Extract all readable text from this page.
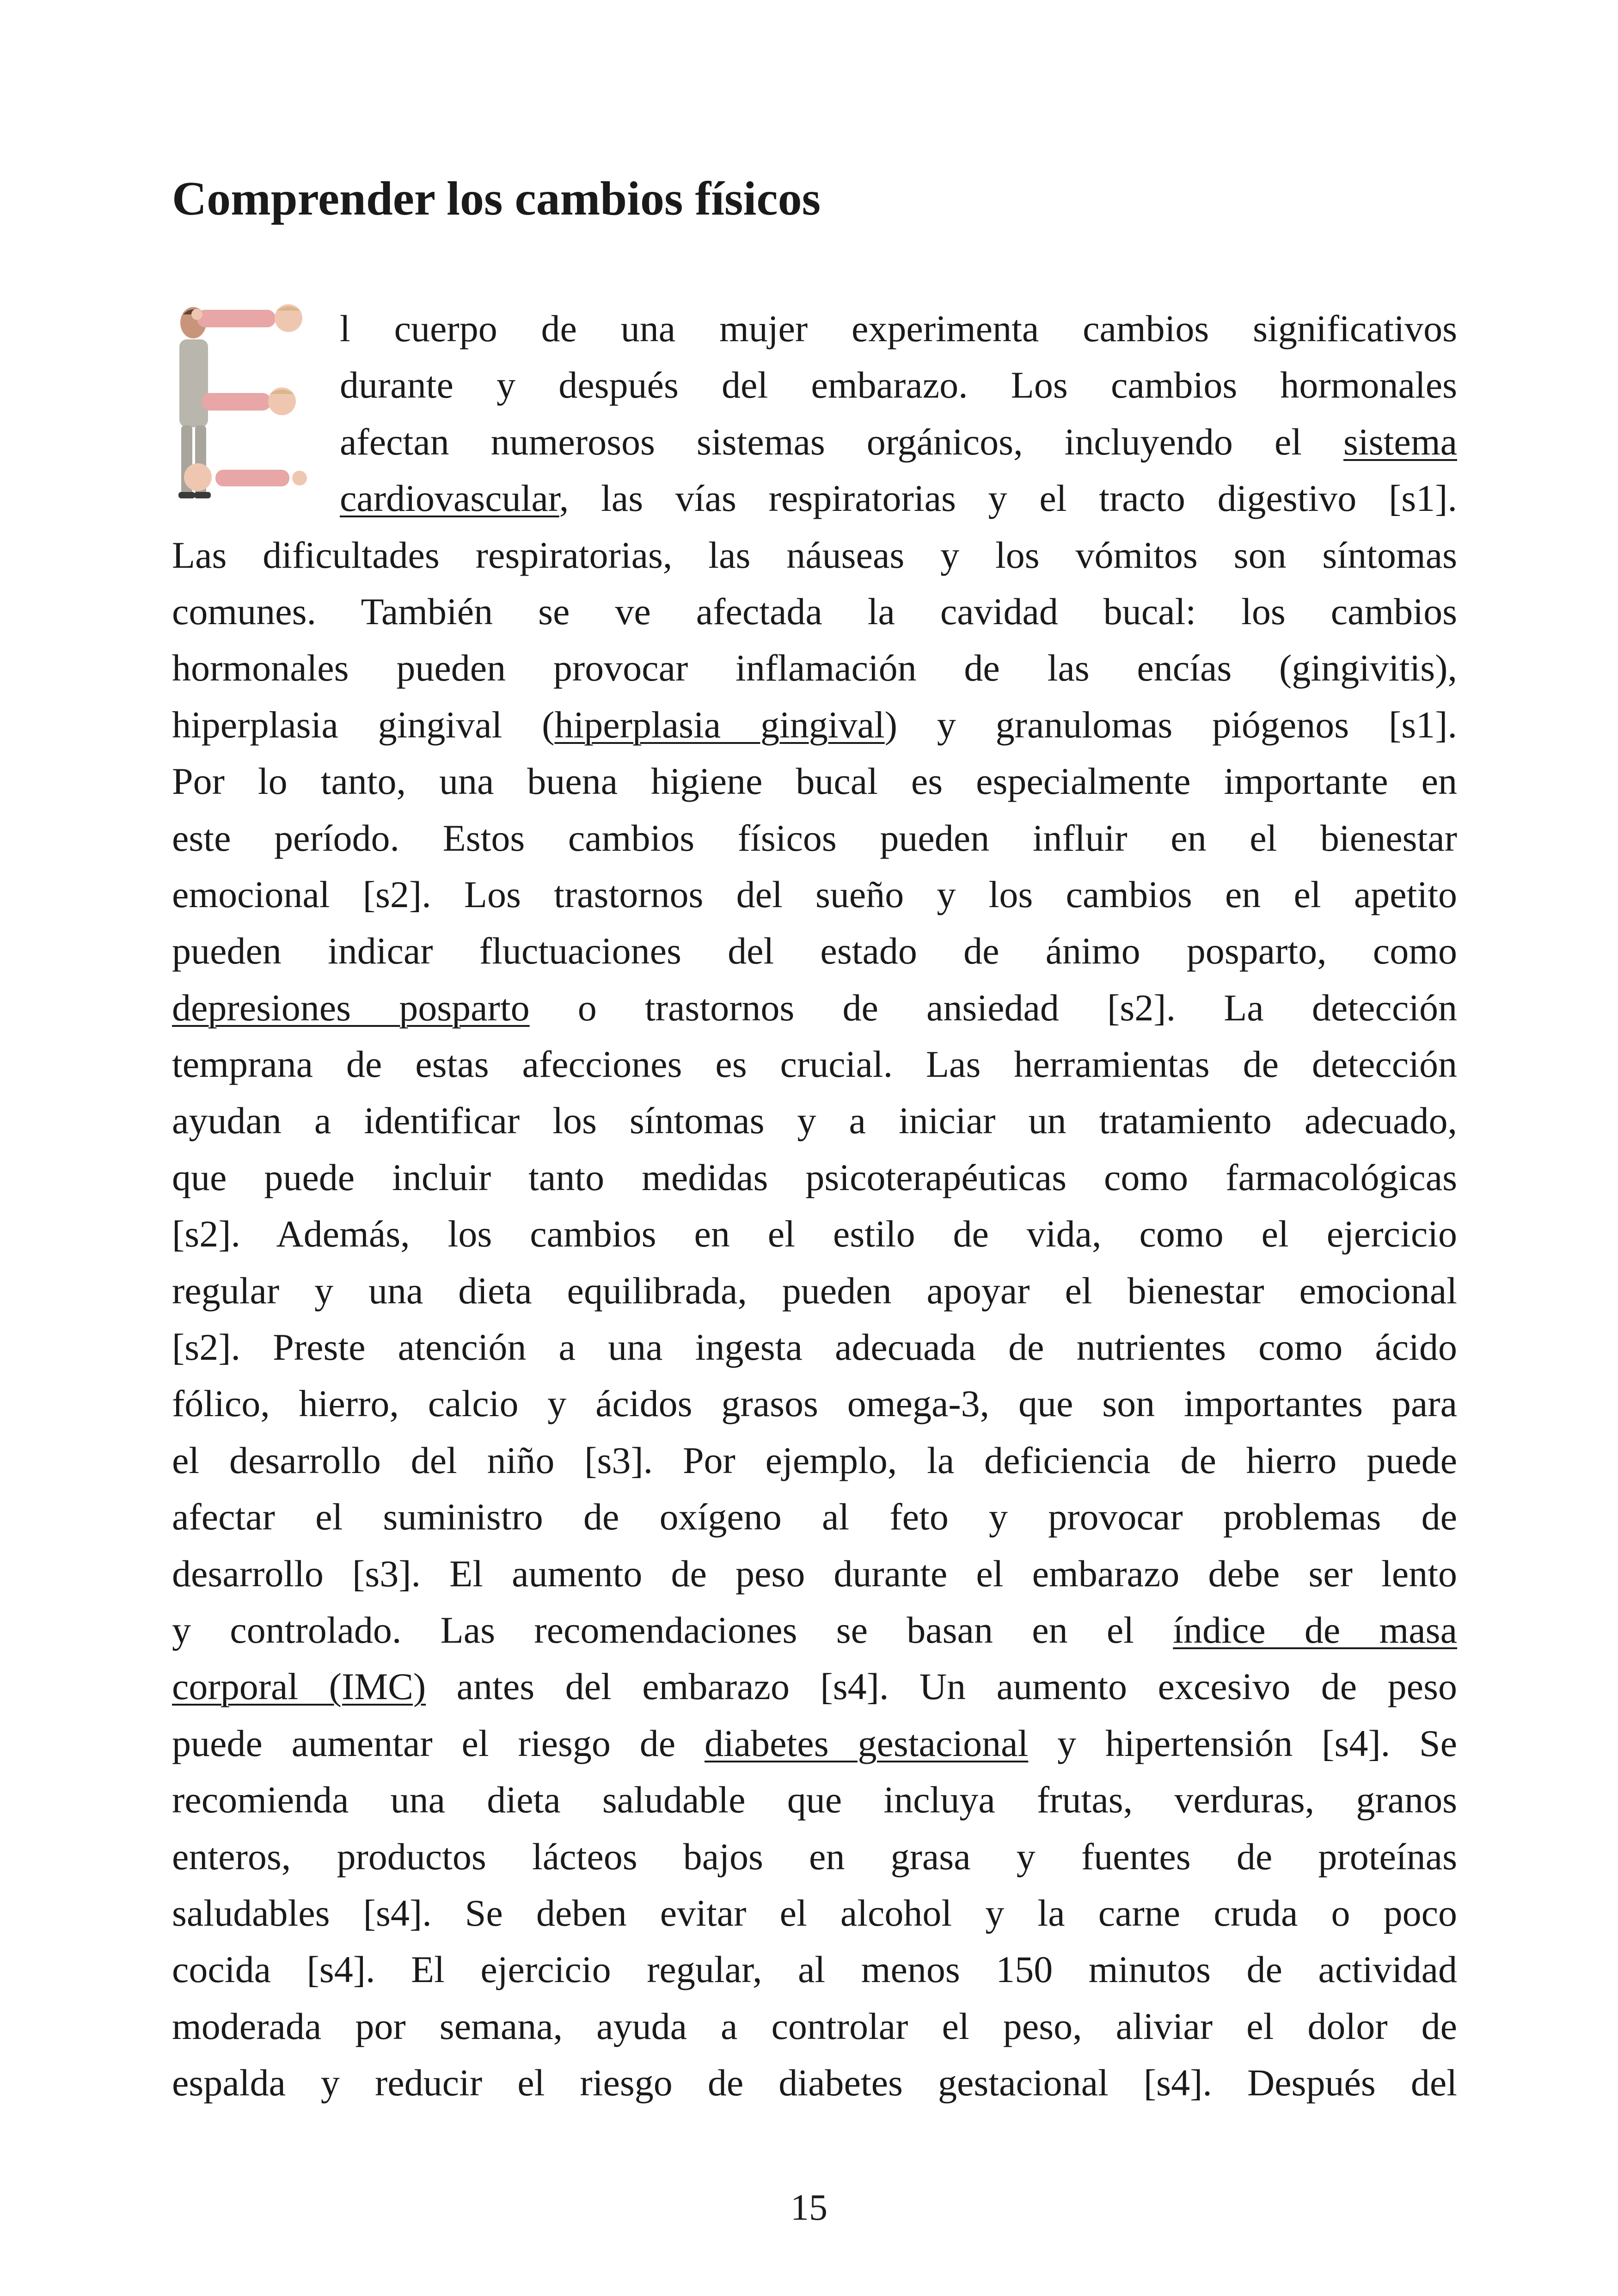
Comprender los cambios físicos
l cuerpo de una mujer experimenta cambios significativos
durante y después del embarazo. Los cambios hormonales
afectan numerosos sistemas orgánicos, incluyendo el sistema
cardiovascular, las vías respiratorias y el tracto digestivo [s1].
Las dificultades respiratorias, las náuseas y los vómitos son síntomas
comunes. También se ve afectada la cavidad bucal: los cambios
hormonales pueden provocar inflamación de las encías (gingivitis),
hiperplasia gingival (hiperplasia gingival) y granulomas piógenos [s1].
Por lo tanto, una buena higiene bucal es especialmente importante en
este período. Estos cambios físicos pueden influir en el bienestar
emocional [s2]. Los trastornos del sueño y los cambios en el apetito
pueden indicar fluctuaciones del estado de ánimo posparto, como
depresiones posparto o trastornos de ansiedad [s2]. La detección
temprana de estas afecciones es crucial. Las herramientas de detección
ayudan a identificar los síntomas y a iniciar un tratamiento adecuado,
que puede incluir tanto medidas psicoterapéuticas como farmacológicas
[s2]. Además, los cambios en el estilo de vida, como el ejercicio
regular y una dieta equilibrada, pueden apoyar el bienestar emocional
[s2]. Preste atención a una ingesta adecuada de nutrientes como ácido
fólico, hierro, calcio y ácidos grasos omega-3, que son importantes para
el desarrollo del niño [s3]. Por ejemplo, la deficiencia de hierro puede
afectar el suministro de oxígeno al feto y provocar problemas de
desarrollo [s3]. El aumento de peso durante el embarazo debe ser lento
y controlado. Las recomendaciones se basan en el índice de masa
corporal (IMC) antes del embarazo [s4]. Un aumento excesivo de peso
puede aumentar el riesgo de diabetes gestacional y hipertensión [s4]. Se
recomienda una dieta saludable que incluya frutas, verduras, granos
enteros, productos lácteos bajos en grasa y fuentes de proteínas
saludables [s4]. Se deben evitar el alcohol y la carne cruda o poco
cocida [s4]. El ejercicio regular, al menos 150 minutos de actividad
moderada por semana, ayuda a controlar el peso, aliviar el dolor de
espalda y reducir el riesgo de diabetes gestacional [s4]. Después del
15
